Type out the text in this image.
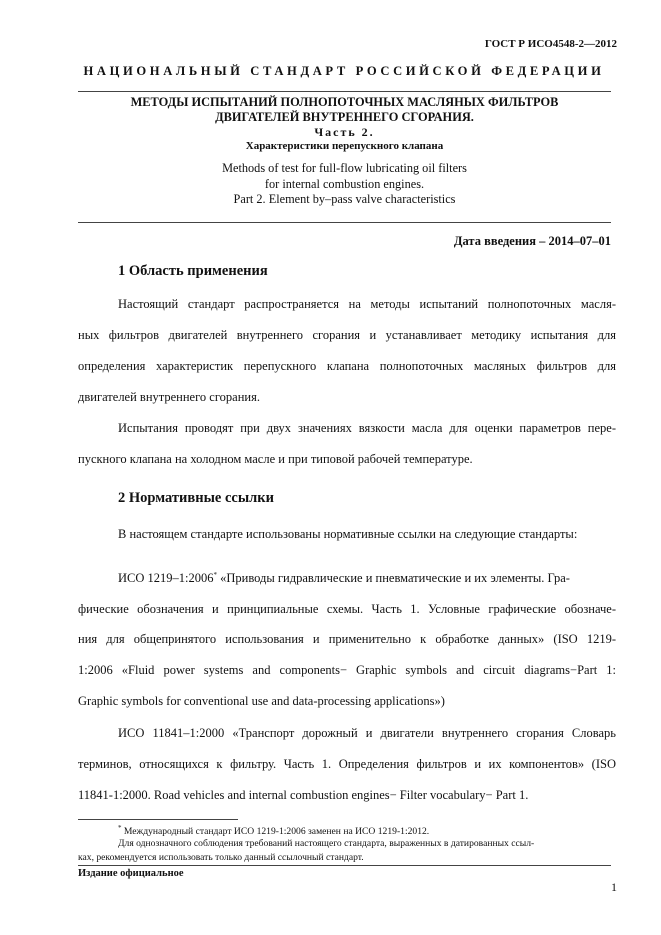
ГОСТ Р ИСО4548-2—2012
НАЦИОНАЛЬНЫЙ СТАНДАРТ РОССИЙСКОЙ ФЕДЕРАЦИИ
МЕТОДЫ ИСПЫТАНИЙ ПОЛНОПОТОЧНЫХ МАСЛЯНЫХ ФИЛЬТРОВ
ДВИГАТЕЛЕЙ ВНУТРЕННЕГО СГОРАНИЯ.
Часть 2.
Характеристики перепускного клапана
Methods of test for full-flow lubricating oil filters
for internal combustion engines.
Part 2. Element by–pass valve characteristics
Дата введения – 2014–07–01
1 Область применения
Настоящий стандарт распространяется на методы испытаний полнопоточных масля-
ных фильтров двигателей внутреннего сгорания и устанавливает методику испытания для
определения характеристик перепускного клапана полнопоточных масляных фильтров для
двигателей внутреннего сгорания.
Испытания проводят при двух значениях вязкости масла для оценки параметров пере-
пускного клапана на холодном масле и при типовой рабочей температуре.
2 Нормативные ссылки
В настоящем стандарте использованы нормативные ссылки на следующие стандарты:
ИСО 1219–1:2006* «Приводы гидравлические и пневматические и их элементы. Гра-
фические обозначения и принципиальные схемы. Часть 1. Условные графические обозначе-
ния для общепринятого использования и применительно к обработке данных» (ISO 1219-
1:2006 «Fluid power systems and components− Graphic symbols and circuit diagrams−Part 1:
Graphic symbols for conventional use and data-processing applications»)
ИСО 11841–1:2000 «Транспорт дорожный и двигатели внутреннего сгорания Словарь
терминов, относящихся к фильтру. Часть 1. Определения фильтров и их компонентов» (ISO
11841-1:2000. Road vehicles and internal combustion engines− Filter vocabulary− Part 1.
* Международный стандарт ИСО 1219-1:2006 заменен на ИСО 1219-1:2012.
Для однозначного соблюдения требований настоящего стандарта, выраженных в датированных ссыл-
ках, рекомендуется использовать только данный ссылочный стандарт.
Издание официальное
1
